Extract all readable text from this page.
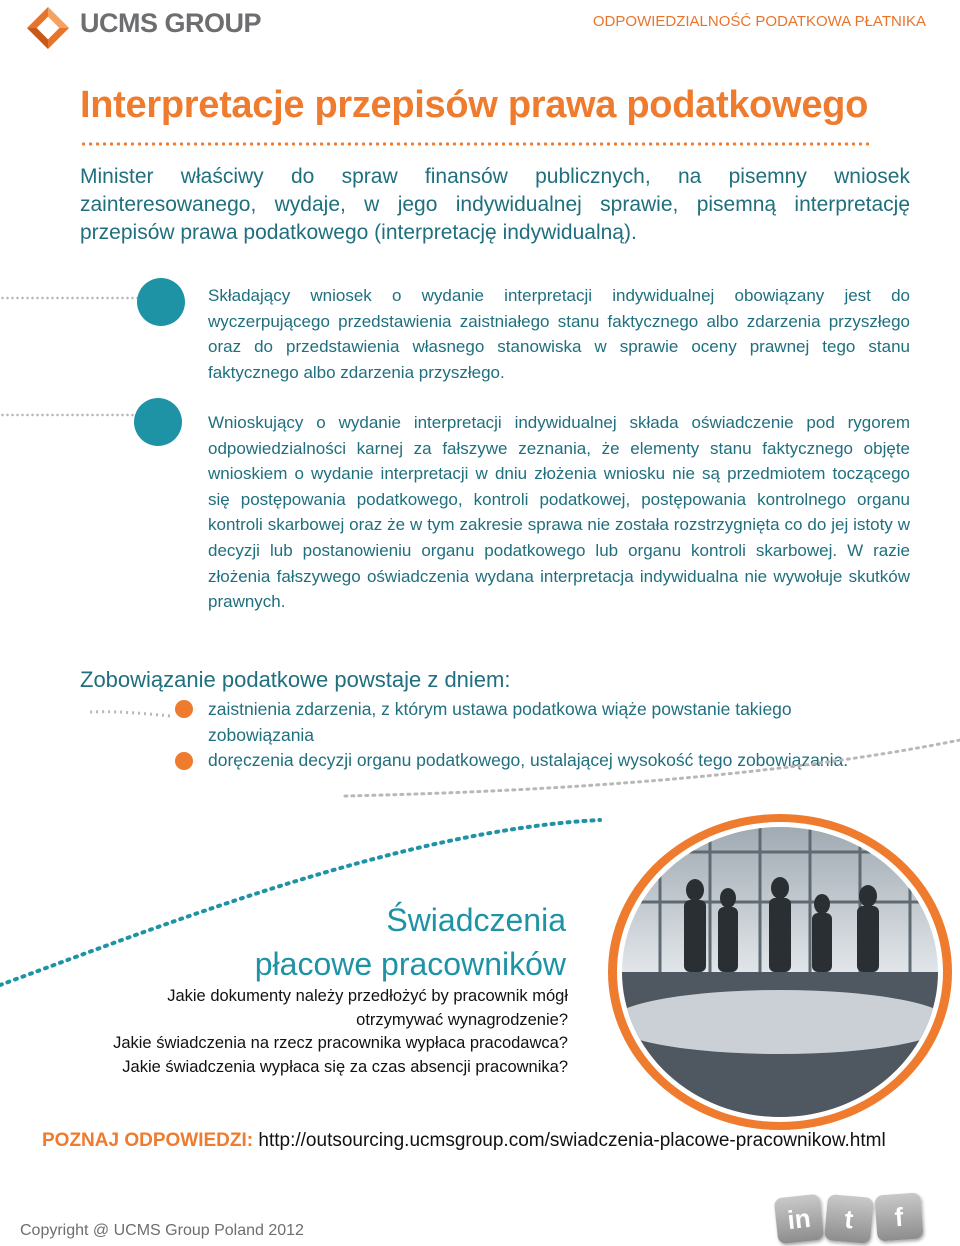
UCMS GROUP	ODPOWIEDZIALNOŚĆ PODATKOWA PŁATNIKA
Interpretacje przepisów prawa podatkowego
Minister właściwy do spraw finansów publicznych, na pisemny wniosek zainteresowanego, wydaje, w jego indywidualnej sprawie, pisemną interpretację przepisów prawa podatkowego (interpretację indywidualną).
Składający wniosek o wydanie interpretacji indywidualnej obowiązany jest do wyczerpującego przedstawienia zaistniałego stanu faktycznego albo zdarzenia przyszłego oraz do przedstawienia własnego stanowiska w sprawie oceny prawnej tego stanu faktycznego albo zdarzenia przyszłego.
Wnioskujący o wydanie interpretacji indywidualnej składa oświadczenie pod rygorem odpowiedzialności karnej za fałszywe zeznania, że elementy stanu faktycznego objęte wnioskiem o wydanie interpretacji w dniu złożenia wniosku nie są przedmiotem toczącego się postępowania podatkowego, kontroli podatkowej, postępowania kontrolnego organu kontroli skarbowej oraz że w tym zakresie sprawa nie została rozstrzygnięta co do jej istoty w decyzji lub postanowieniu organu podatkowego lub organu kontroli skarbowej. W razie złożenia fałszywego oświadczenia wydana interpretacja indywidualna nie wywołuje skutków prawnych.
Zobowiązanie podatkowe powstaje z dniem:
zaistnienia zdarzenia, z którym ustawa podatkowa wiąże powstanie takiego zobowiązania
doręczenia decyzji organu podatkowego, ustalającej wysokość tego zobowiązania.
Świadczenia
płacowe pracowników
Jakie dokumenty należy przedłożyć by pracownik mógł
otrzymywać wynagrodzenie?
Jakie świadczenia na rzecz pracownika wypłaca pracodawca?
Jakie świadczenia wypłaca się za czas absencji pracownika?
POZNAJ ODPOWIEDZI: http://outsourcing.ucmsgroup.com/swiadczenia-placowe-pracownikow.html
Copyright @ UCMS Group Poland 2012	in	t	f
